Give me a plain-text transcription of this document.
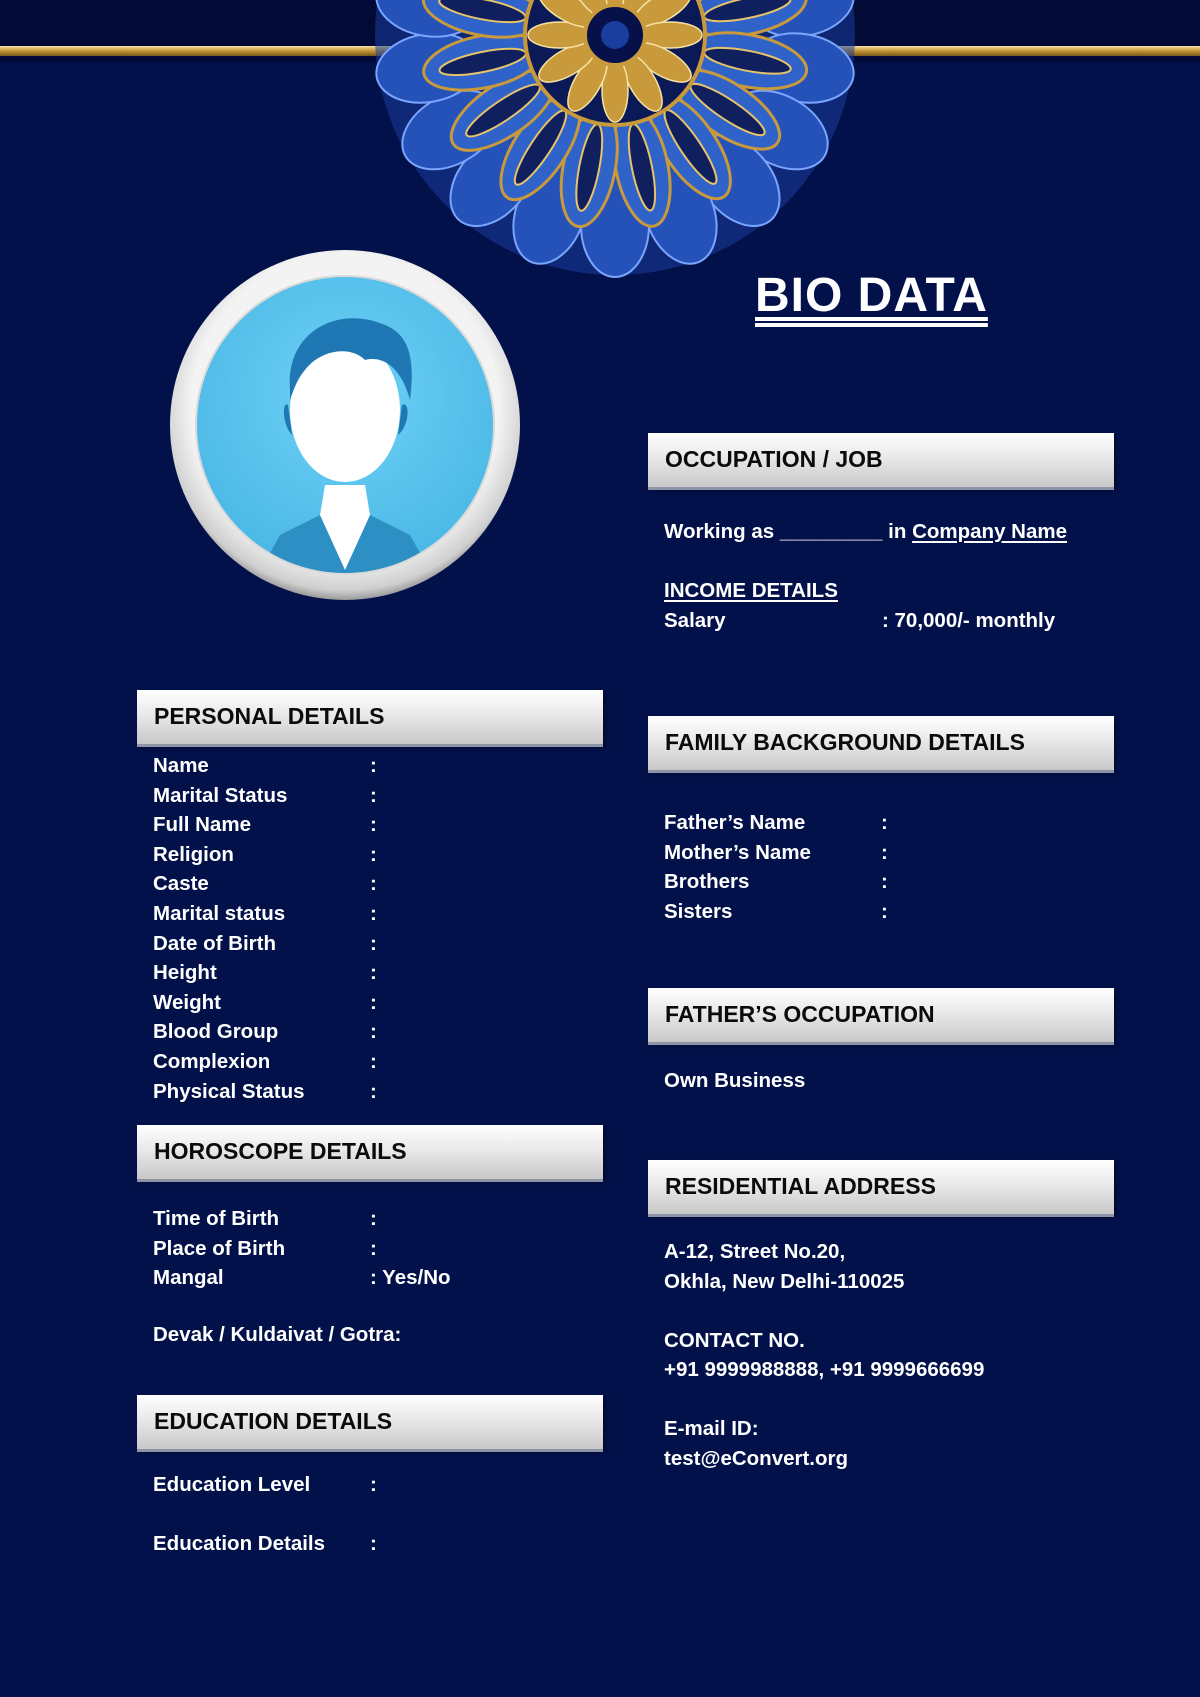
BIO DATA
OCCUPATION / JOB
Working as _________ in Company Name
INCOME DETAILS
Salary	: 70,000/- monthly
PERSONAL DETAILS
HOROSCOPE DETAILS
Devak / Kuldaivat / Gotra:
EDUCATION DETAILS
FAMILY BACKGROUND DETAILS
FATHER’S OCCUPATION
Own Business
RESIDENTIAL ADDRESS
A-12, Street No.20,
Okhla, New Delhi-110025
CONTACT NO.
+91 9999988888, +91 9999666699
E-mail ID:
test@eConvert.org
Name	:
Marital Status	:
Full Name	:
Religion	:
Caste	:
Marital status	:
Date of Birth	:
Height	:
Weight	:
Blood Group	:
Complexion	:
Physical Status	:
Time of Birth	:
Place of Birth	:
Mangal	: Yes/No
Education Level	:
Education Details :
Father’s Name	:
Mother’s Name	:
Brothers	:
Sisters	:
